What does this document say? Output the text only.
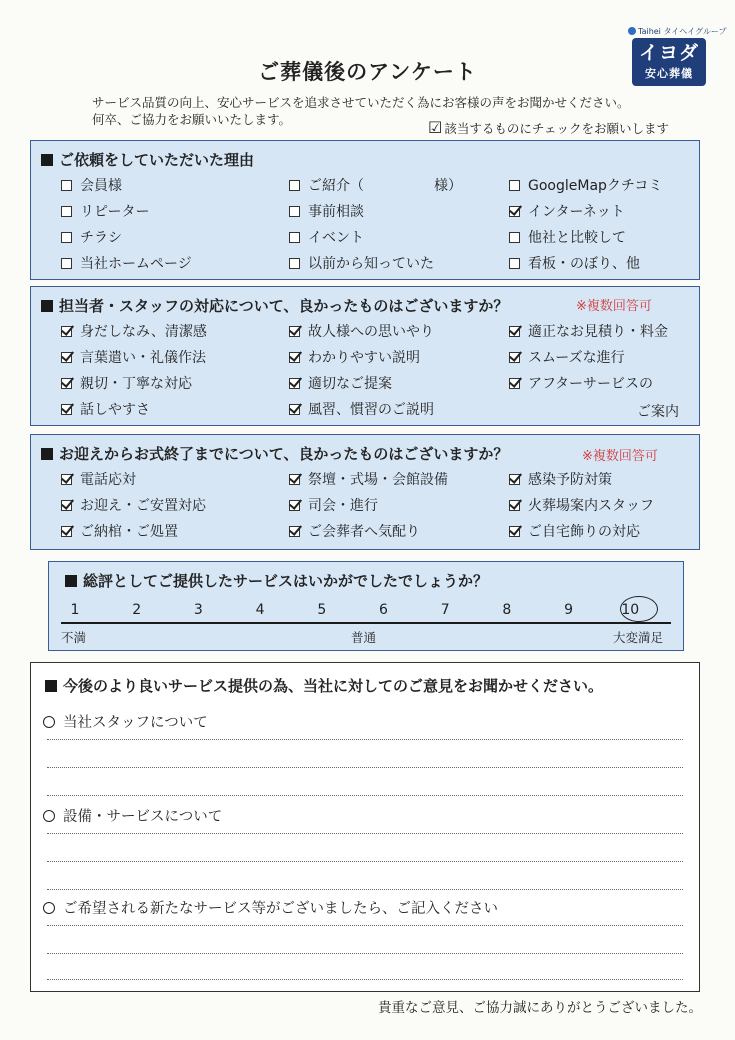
Taihei タイヘイグループ
イヨダ
安心葬儀
ご葬儀後のアンケート
サービス品質の向上、安心サービスを追求させていただく為にお客様の声をお聞かせください。
何卒、ご協力をお願いいたします。	☑ 該当するものにチェックをお願いします
ご依頼をしていただいた理由
会員様	ご紹介（　　　　　様）	GoogleMapクチコミ
リピーター	事前相談	インターネット
チラシ	イベント	他社と比較して
当社ホームページ	以前から知っていた	看板・のぼり、他
担当者・スタッフの対応について、良かったものはございますか？	※複数回答可
身だしなみ、清潔感	故人様への思いやり	適正なお見積り・料金
言葉遣い・礼儀作法	わかりやすい説明	スムーズな進行
親切・丁寧な対応	適切なご提案	アフターサービスの
話しやすさ	風習、慣習のご説明	ご案内
お迎えからお式終了までについて、良かったものはございますか？	※複数回答可
電話応対	祭壇・式場・会館設備	感染予防対策
お迎え・ご安置対応	司会・進行	火葬場案内スタッフ
ご納棺・ご処置	ご会葬者へ気配り	ご自宅飾りの対応
総評としてご提供したサービスはいかがでしたでしょうか？
1	2	3	4	5	6	7	8	9	10
不満	普通	大変満足
今後のより良いサービス提供の為、当社に対してのご意見をお聞かせください。
当社スタッフについて
設備・サービスについて
ご希望される新たなサービス等がございましたら、ご記入ください
貴重なご意見、ご協力誠にありがとうございました。
